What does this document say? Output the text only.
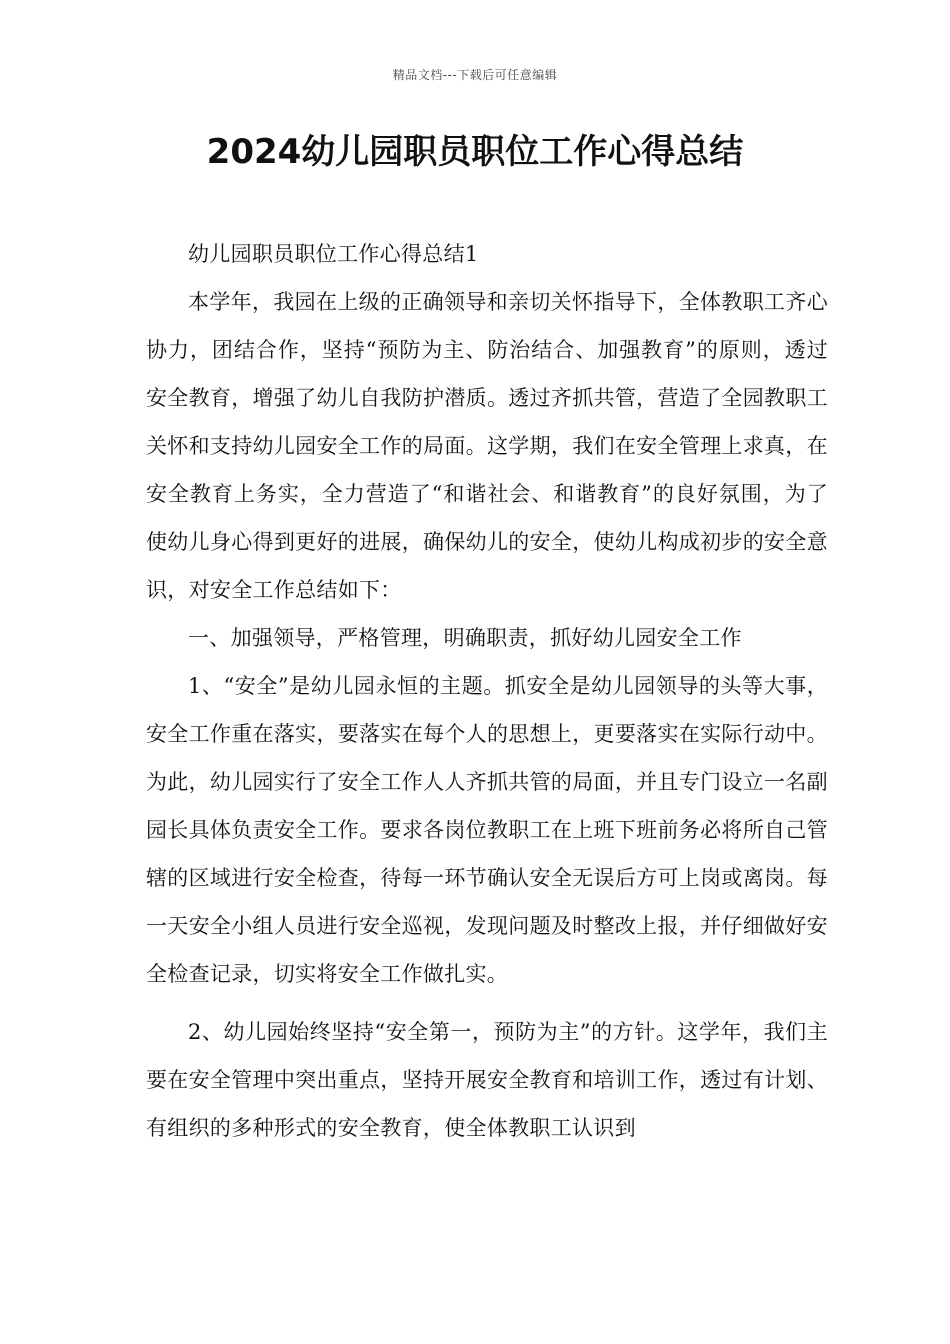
精品文档---下载后可任意编辑
2024幼儿园职员职位工作心得总结

幼儿园职员职位工作心得总结1

本学年，我园在上级的正确领导和亲切关怀指导下，全体教职工齐心协力，团结合作，坚持“预防为主、防治结合、加强教育”的原则，透过安全教育，增强了幼儿自我防护潜质。透过齐抓共管，营造了全园教职工关怀和支持幼儿园安全工作的局面。这学期，我们在安全管理上求真，在安全教育上务实，全力营造了“和谐社会、和谐教育”的良好氛围，为了使幼儿身心得到更好的进展，确保幼儿的安全，使幼儿构成初步的安全意识，对安全工作总结如下：

一、加强领导，严格管理，明确职责，抓好幼儿园安全工作

1、“安全”是幼儿园永恒的主题。抓安全是幼儿园领导的头等大事，安全工作重在落实，要落实在每个人的思想上，更要落实在实际行动中。为此，幼儿园实行了安全工作人人齐抓共管的局面，并且专门设立一名副园长具体负责安全工作。要求各岗位教职工在上班下班前务必将所自己管辖的区域进行安全检查，待每一环节确认安全无误后方可上岗或离岗。每一天安全小组人员进行安全巡视，发现问题及时整改上报，并仔细做好安全检查记录，切实将安全工作做扎实。

2、幼儿园始终坚持“安全第一，预防为主”的方针。这学年，我们主要在安全管理中突出重点，坚持开展安全教育和培训工作，透过有计划、有组织的多种形式的安全教育，使全体教职工认识到
